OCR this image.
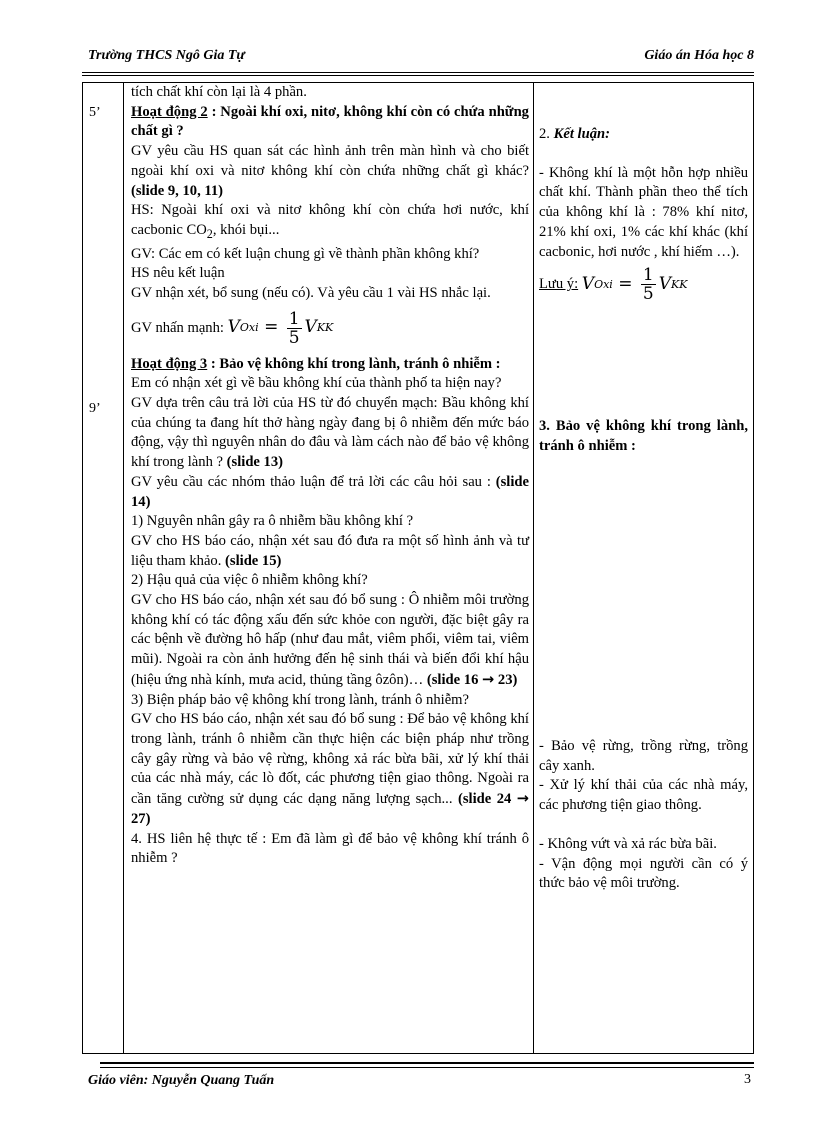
Trường THCS Ngô Gia Tự	Giáo án Hóa học 8
5’
9’

tích chất khí còn lại là 4 phần.

Hoạt động 2 : Ngoài khí oxi, nitơ, không khí còn có chứa những chất gì ?

GV yêu cầu HS quan sát các hình ảnh trên màn hình và cho biết ngoài khí oxi và nitơ không khí còn chứa những chất gì khác? (slide 9, 10, 11)

HS: Ngoài khí oxi và nitơ không khí còn chứa hơi nước, khí cacbonic $CO_2$, khói bụi...

GV: Các em có kết luận chung gì về thành phần không khí?

HS nêu kết luận

GV nhận xét, bổ sung (nếu có). Và yêu cầu 1 vài HS nhắc lại.

GV nhấn mạnh: V Oxi
=
$\frac{1}{5}$ V KK

Hoạt động 3 : Bảo vệ không khí trong lành, tránh ô nhiễm :

Em có nhận xét gì về bầu không khí của thành phố ta hiện nay?

GV dựa trên câu trả lời của HS từ đó chuyển mạch: Bầu không khí của chúng ta đang hít thở hàng ngày đang bị ô nhiễm đến mức báo động, vậy thì nguyên nhân do đâu và làm cách nào để bảo vệ không khí trong lành ? (slide 13)

GV yêu cầu các nhóm thảo luận để trả lời các câu hỏi sau : (slide 14)

1) Nguyên nhân gây ra ô nhiễm bầu không khí ?

GV cho HS báo cáo, nhận xét sau đó đưa ra một số hình ảnh và tư liệu tham khảo. (slide 15)

2) Hậu quả của việc ô nhiễm không khí?

GV cho HS báo cáo, nhận xét sau đó bổ sung : Ô nhiễm môi trường không khí có tác động xấu đến sức khỏe con người, đặc biệt gây ra các bệnh về đường hô hấp (như đau mắt, viêm phổi, viêm tai, viêm mũi). Ngoài ra còn ảnh hưởng đến hệ sinh thái và biến đổi khí hậu (hiệu ứng nhà kính, mưa acid, thủng tầng ôzôn)… (slide 16 → 23)

3) Biện pháp bảo vệ không khí trong lành, tránh ô nhiễm?

GV cho HS báo cáo, nhận xét sau đó bổ sung : Để bảo vệ không khí trong lành, tránh ô nhiễm cần thực hiện các biện pháp như trồng cây gây rừng và bảo vệ rừng, không xả rác bừa bãi, xử lý khí thải của các nhà máy, các lò đốt, các phương tiện giao thông. Ngoài ra cần tăng cường sử dụng các dạng năng lượng sạch... (slide 24 → 27)

4. HS liên hệ thực tế : Em đã làm gì để bảo vệ không khí tránh ô nhiễm ?

2. Kết luận:

- Không khí là một hỗn hợp nhiều chất khí. Thành phần theo thể tích của không khí là : 78% khí nitơ, 21% khí oxi, 1% các khí khác (khí cacbonic, hơi nước , khí hiếm …).

Lưu ý: V Oxi
=
$\frac{1}{5}$ V KK

3. Bảo vệ không khí trong lành, tránh ô nhiễm :

- Bảo vệ rừng, trồng rừng, trồng cây xanh.

- Xử lý khí thải của các nhà máy, các phương tiện giao thông.

- Không vứt và xả rác bừa bãi.

- Vận động mọi người cần có ý thức bảo vệ môi trường.

Giáo viên: Nguyễn Quang Tuấn	3
